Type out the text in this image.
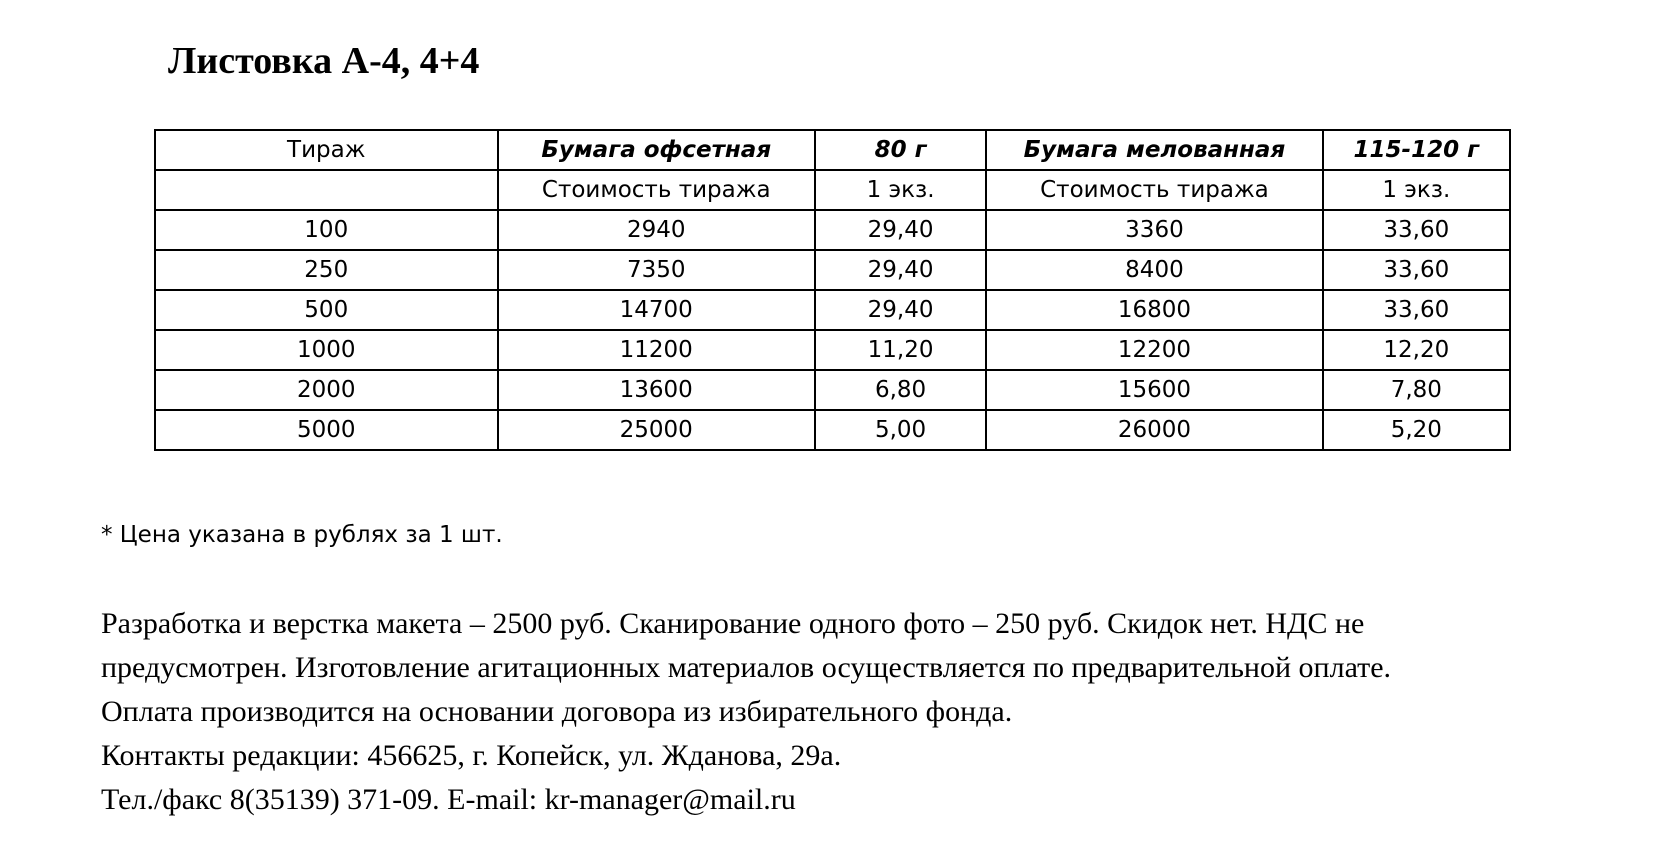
Листовка А-4, 4+4
Тираж	Бумага офсетная	80 г	Бумага мелованная	115-120 г
	Стоимость тиража	1 экз.	Стоимость тиража	1 экз.
100	2940	29,40	3360	33,60
250	7350	29,40	8400	33,60
500	14700	29,40	16800	33,60
1000	11200	11,20	12200	12,20
2000	13600	6,80	15600	7,80
5000	25000	5,00	26000	5,20

* Цена указана в рублях за 1 шт.

Разработка и верстка макета – 2500 руб. Сканирование одного фото – 250 руб. Скидок нет. НДС не
предусмотрен. Изготовление агитационных материалов осуществляется по предварительной оплате.
Оплата производится на основании договора из избирательного фонда.
Контакты редакции: 456625, г. Копейск, ул. Жданова, 29а.
Тел./факс 8(35139) 371-09. E-mail: kr-manager@mail.ru
